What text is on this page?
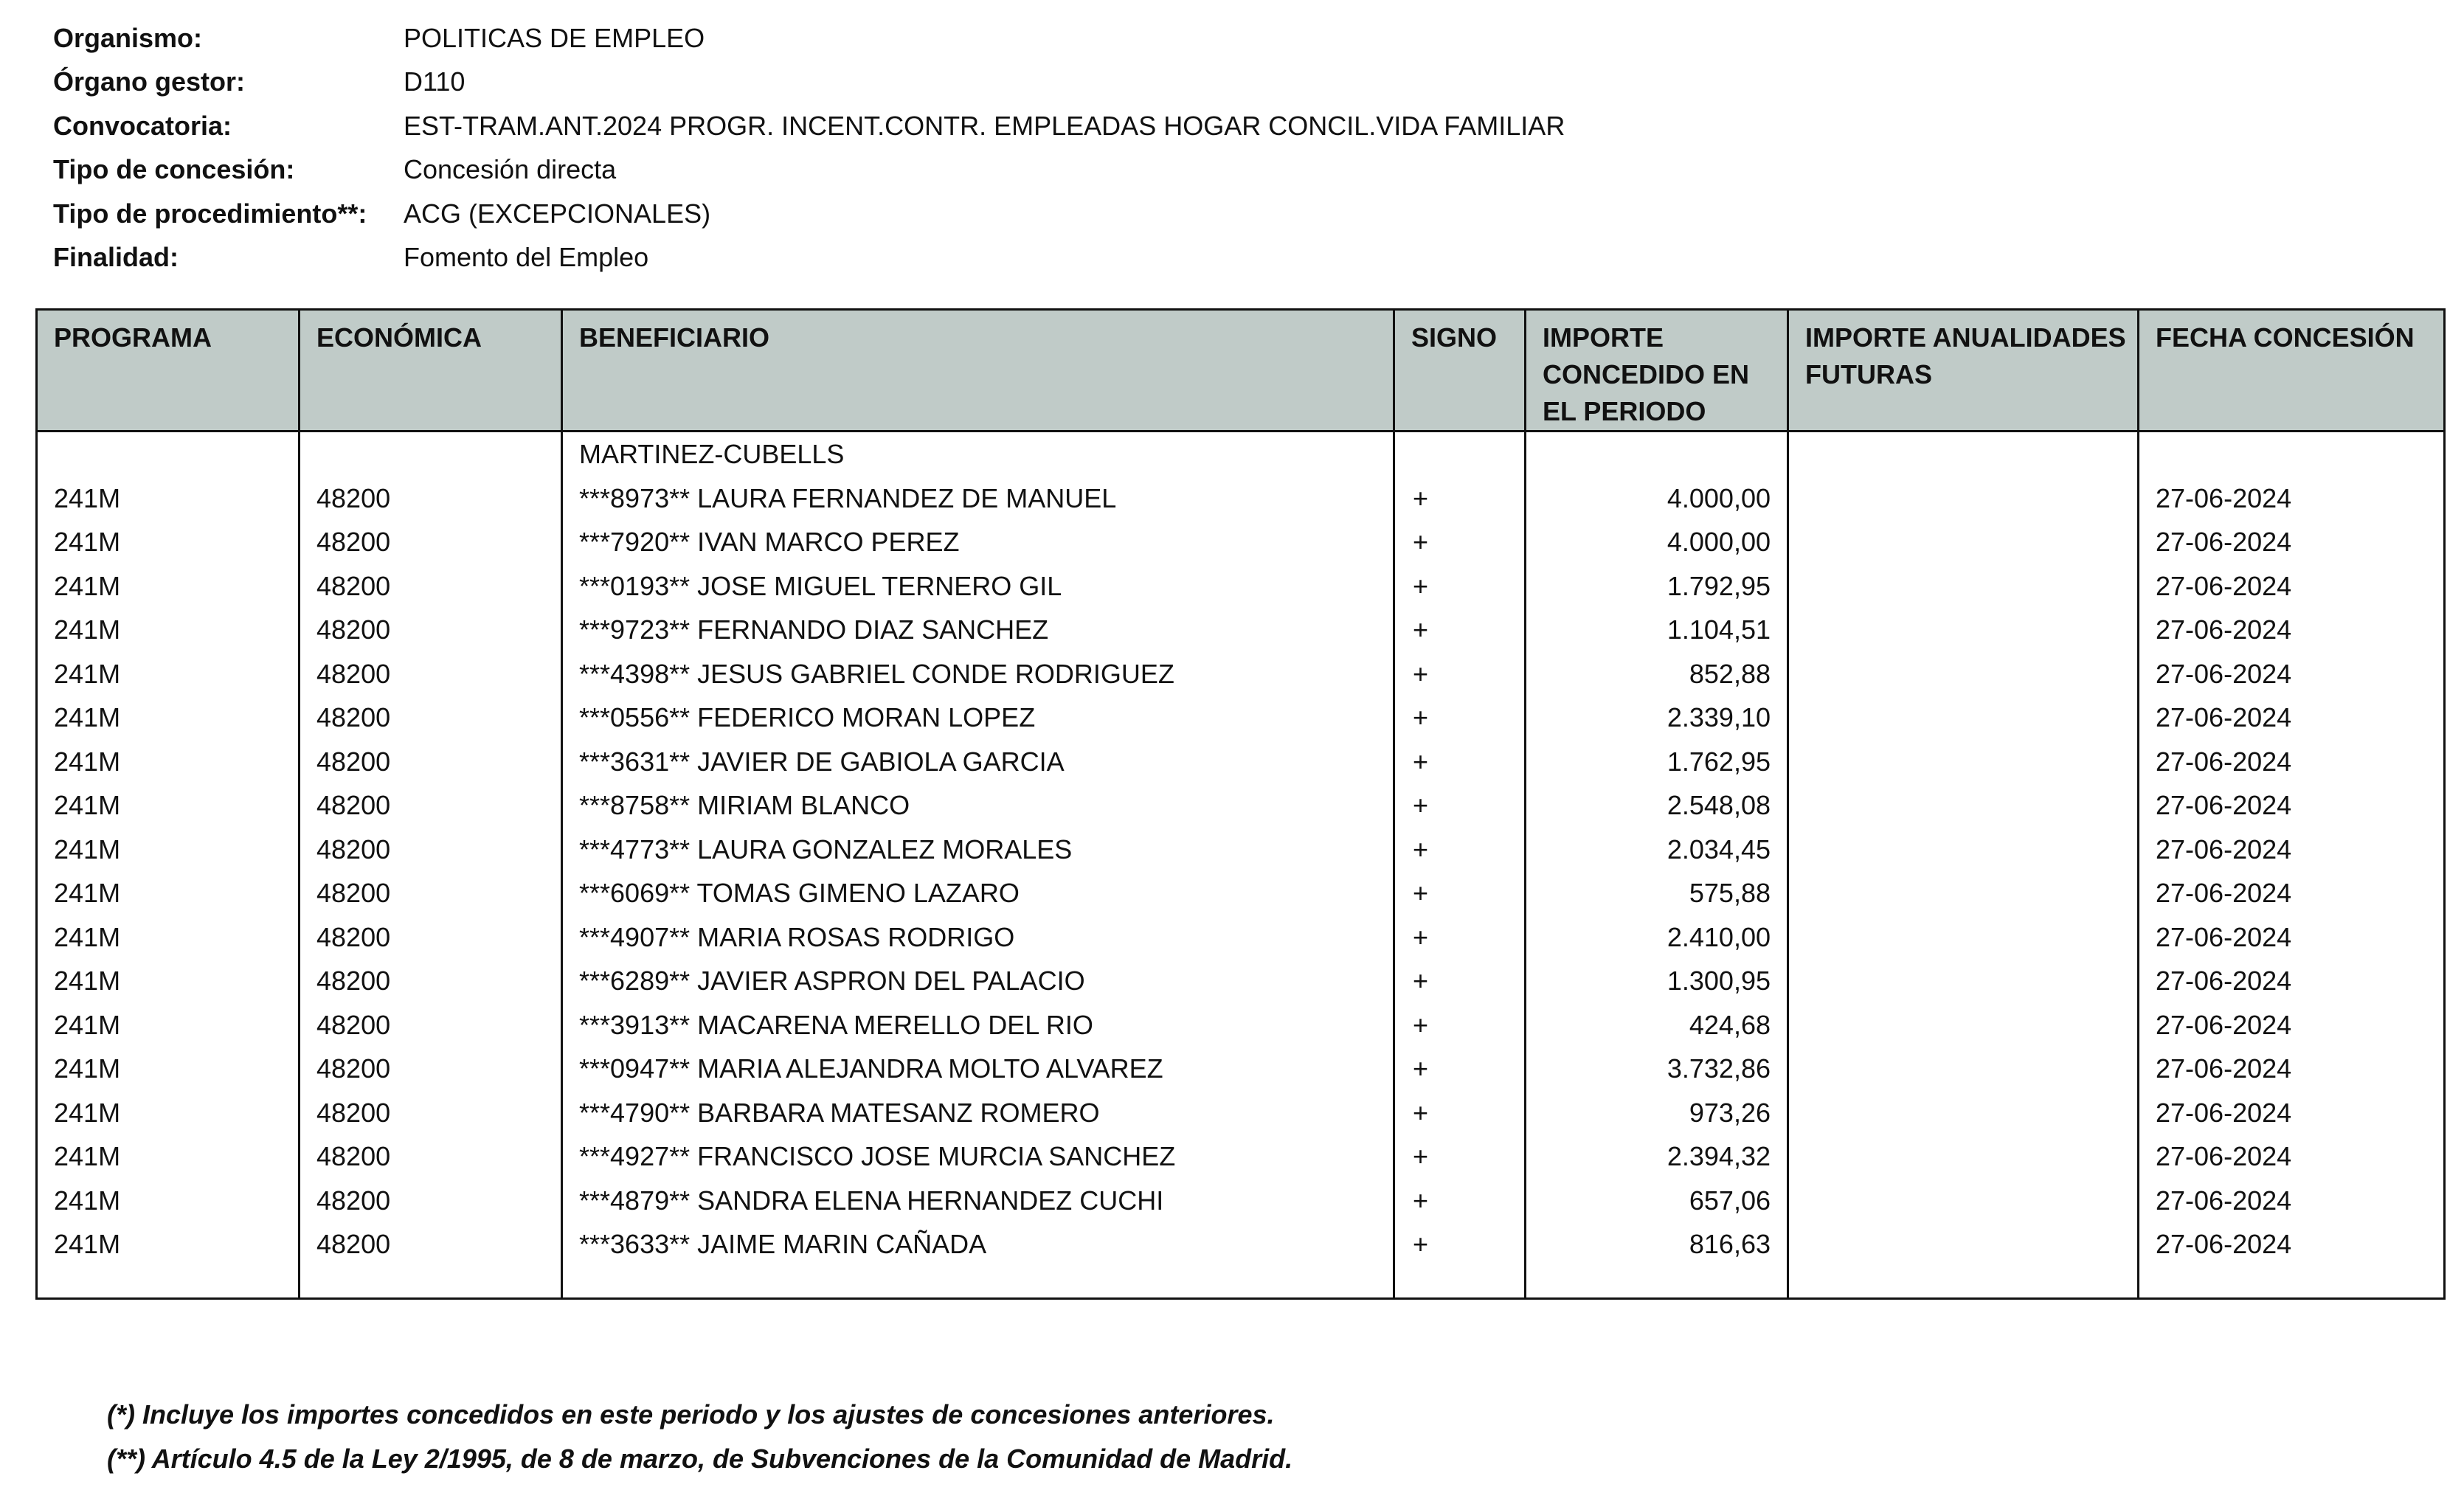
Organismo:	POLITICAS DE EMPLEO
Órgano gestor:	D110
Convocatoria:	EST-TRAM.ANT.2024 PROGR. INCENT.CONTR. EMPLEADAS HOGAR CONCIL.VIDA FAMILIAR
Tipo de concesión:	Concesión directa
Tipo de procedimiento**:	ACG (EXCEPCIONALES)
Finalidad:	Fomento del Empleo
PROGRAMA	ECONÓMICA	BENEFICIARIO	SIGNO	IMPORTE CONCEDIDO EN EL PERIODO	IMPORTE ANUALIDADES FUTURAS	FECHA CONCESIÓN
		MARTINEZ-CUBELLS				
241M	48200	***8973** LAURA FERNANDEZ DE MANUEL	+	4.000,00		27-06-2024
241M	48200	***7920** IVAN MARCO PEREZ	+	4.000,00		27-06-2024
241M	48200	***0193** JOSE MIGUEL TERNERO GIL	+	1.792,95		27-06-2024
241M	48200	***9723** FERNANDO DIAZ SANCHEZ	+	1.104,51		27-06-2024
241M	48200	***4398** JESUS GABRIEL CONDE RODRIGUEZ	+	852,88		27-06-2024
241M	48200	***0556** FEDERICO MORAN LOPEZ	+	2.339,10		27-06-2024
241M	48200	***3631** JAVIER DE GABIOLA GARCIA	+	1.762,95		27-06-2024
241M	48200	***8758** MIRIAM BLANCO	+	2.548,08		27-06-2024
241M	48200	***4773** LAURA GONZALEZ MORALES	+	2.034,45		27-06-2024
241M	48200	***6069** TOMAS GIMENO LAZARO	+	575,88		27-06-2024
241M	48200	***4907** MARIA ROSAS RODRIGO	+	2.410,00		27-06-2024
241M	48200	***6289** JAVIER ASPRON DEL PALACIO	+	1.300,95		27-06-2024
241M	48200	***3913** MACARENA MERELLO DEL RIO	+	424,68		27-06-2024
241M	48200	***0947** MARIA ALEJANDRA MOLTO ALVAREZ	+	3.732,86		27-06-2024
241M	48200	***4790** BARBARA MATESANZ ROMERO	+	973,26		27-06-2024
241M	48200	***4927** FRANCISCO JOSE MURCIA SANCHEZ	+	2.394,32		27-06-2024
241M	48200	***4879** SANDRA ELENA HERNANDEZ CUCHI	+	657,06		27-06-2024
241M	48200	***3633** JAIME MARIN CAÑADA	+	816,63		27-06-2024

(*) Incluye los importes concedidos en este periodo y los ajustes de concesiones anteriores.
(**) Artículo 4.5 de la Ley 2/1995, de 8 de marzo, de Subvenciones de la Comunidad de Madrid.
